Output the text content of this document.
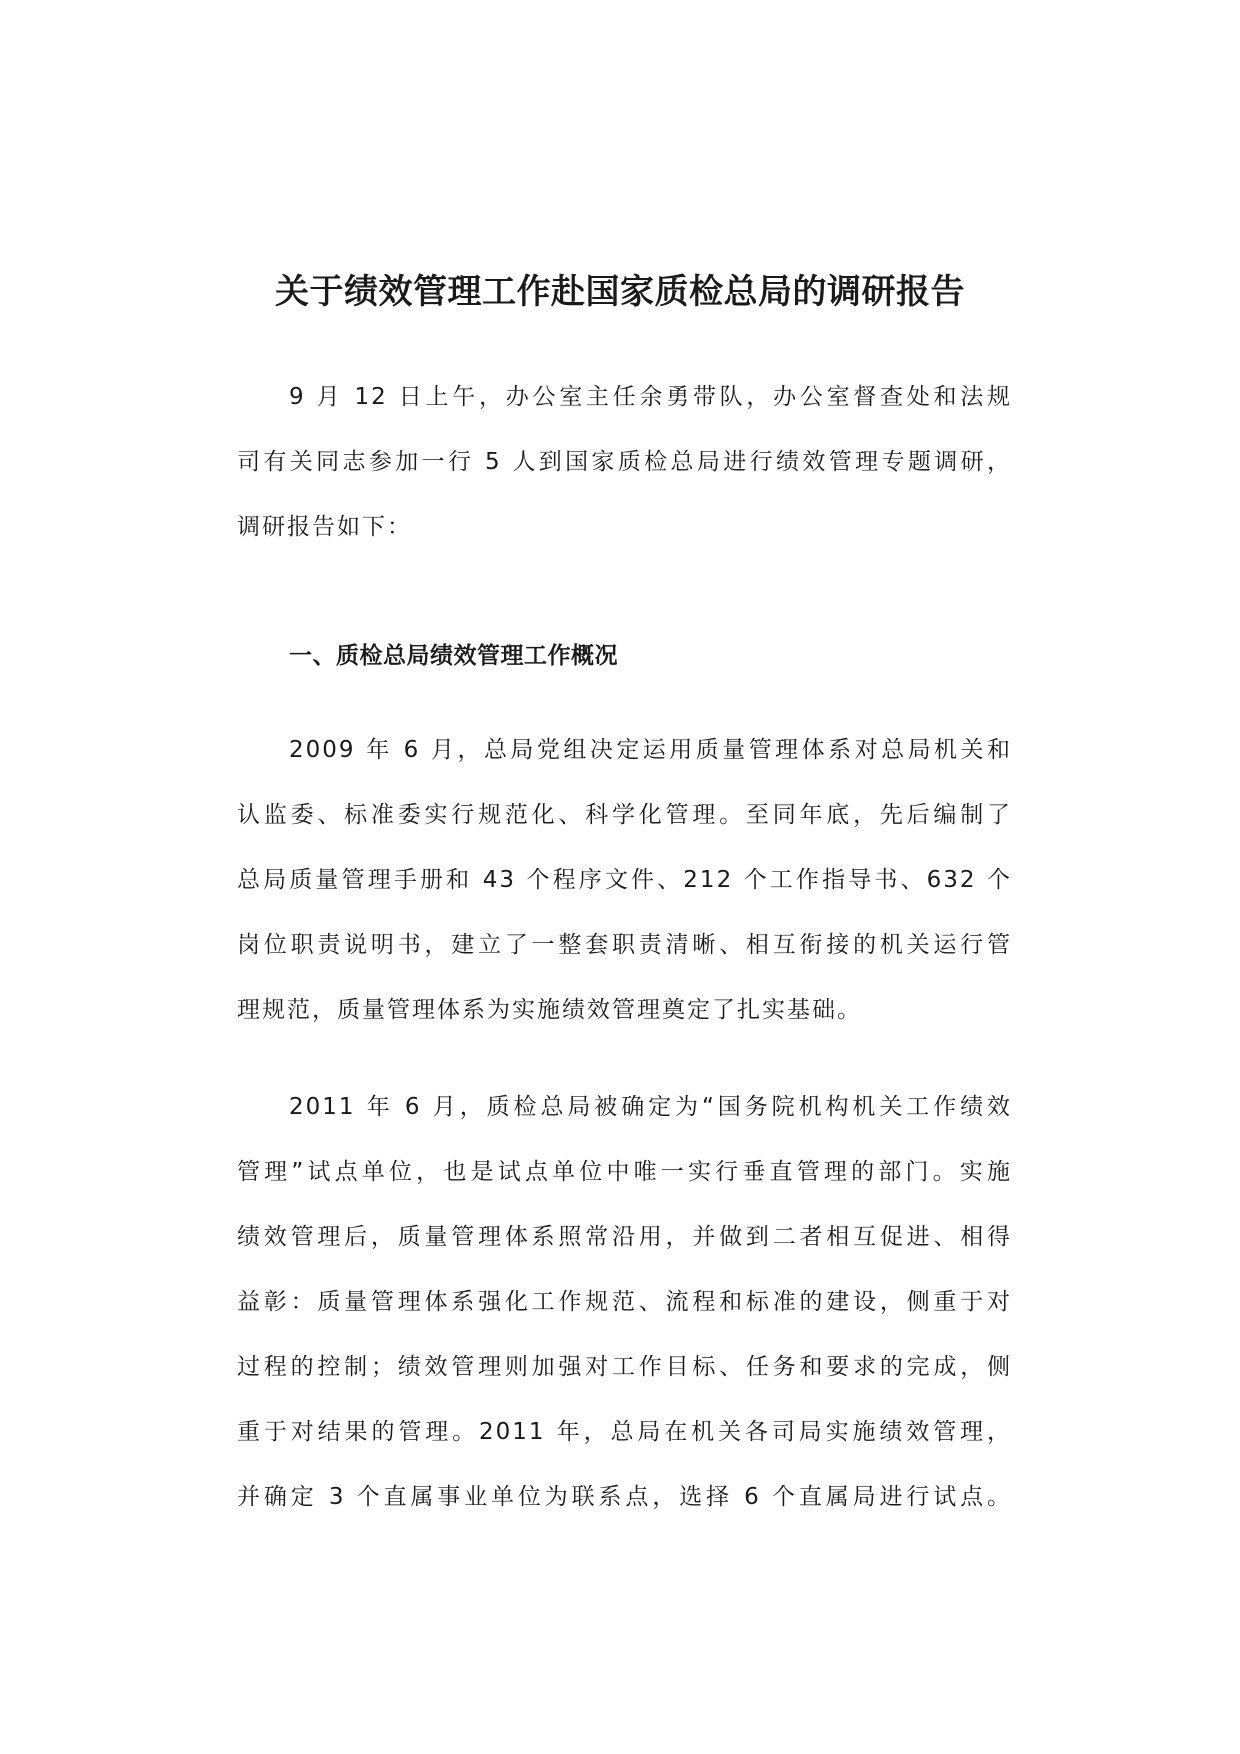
关于绩效管理工作赴国家质检总局的调研报告
9 月 12 日上午，办公室主任余勇带队，办公室督查处和法规
司有关同志参加一行 5 人到国家质检总局进行绩效管理专题调研，
调研报告如下：
一、质检总局绩效管理工作概况
2009 年 6 月，总局党组决定运用质量管理体系对总局机关和
认监委、标准委实行规范化、科学化管理。至同年底，先后编制了
总局质量管理手册和 43 个程序文件、212 个工作指导书、632 个
岗位职责说明书，建立了一整套职责清晰、相互衔接的机关运行管
理规范，质量管理体系为实施绩效管理奠定了扎实基础。
2011 年 6 月，质检总局被确定为“国务院机构机关工作绩效
管理”试点单位，也是试点单位中唯一实行垂直管理的部门。实施
绩效管理后，质量管理体系照常沿用，并做到二者相互促进、相得
益彰：质量管理体系强化工作规范、流程和标准的建设，侧重于对
过程的控制；绩效管理则加强对工作目标、任务和要求的完成，侧
重于对结果的管理。2011 年，总局在机关各司局实施绩效管理，
并确定 3 个直属事业单位为联系点，选择 6 个直属局进行试点。
